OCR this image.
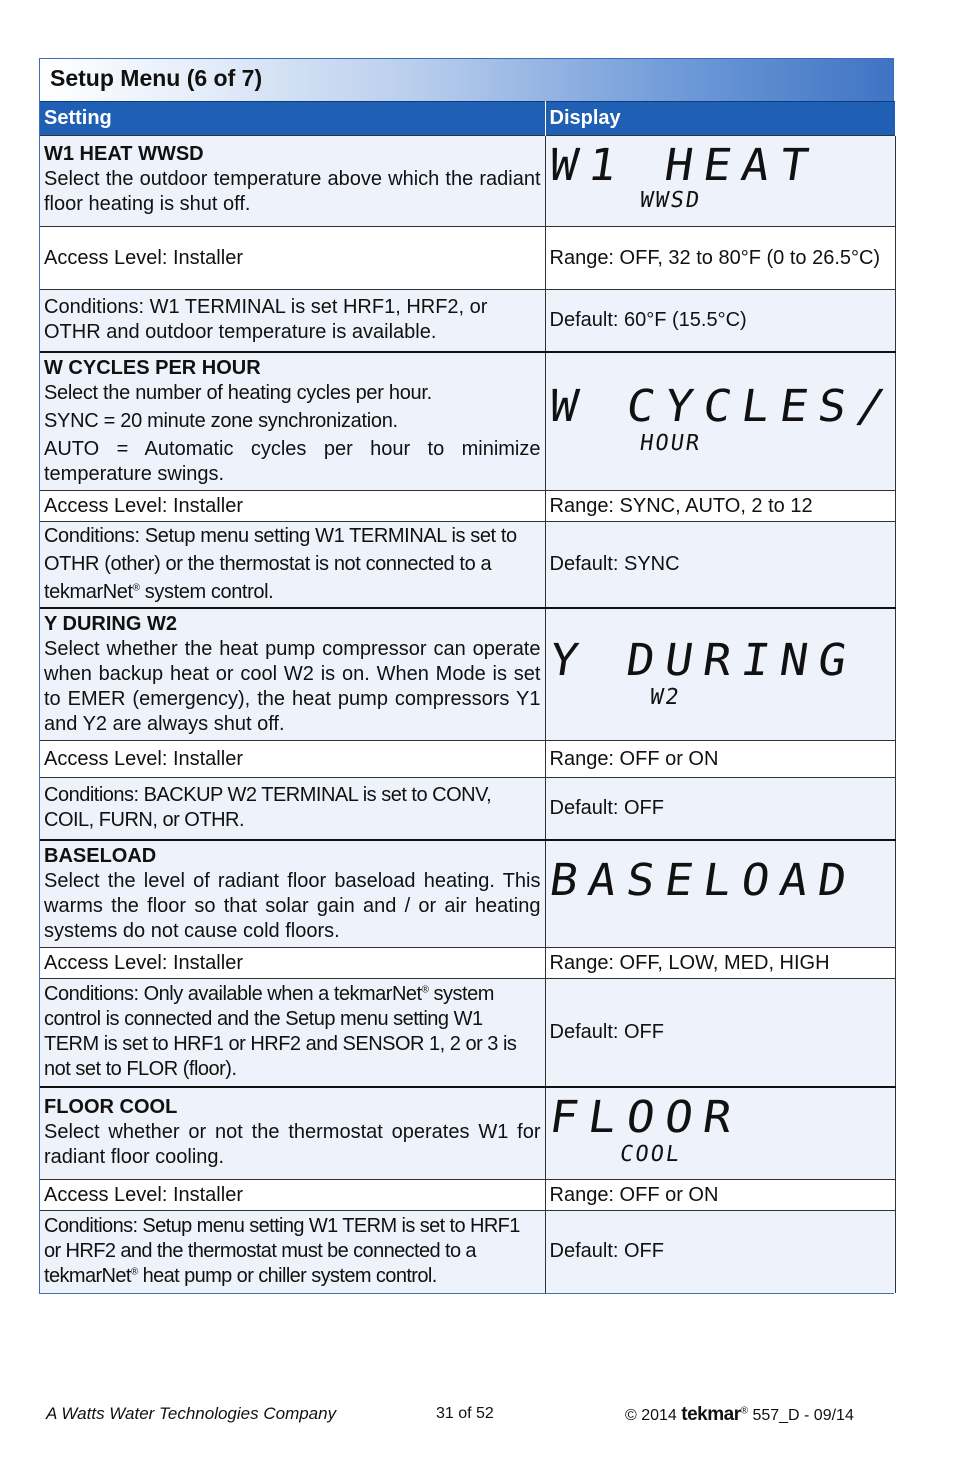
Setup Menu (6 of 7)
Setting	Display

W1 HEAT WWSD
Select the outdoor temperature above which the radiant floor heating is shut off.	W1 HEAT
WWSD

Access Level: Installer	Range: OFF, 32 to 80°F (0 to 26.5°C)
Conditions: W1 TERMINAL is set HRF1, HRF2, or OTHR and outdoor temperature is available.	Default: 60°F (15.5°C)

W CYCLES PER HOUR
Select the number of heating cycles per hour.
SYNC = 20 minute zone synchronization.
AUTO = Automatic cycles per hour to minimize temperature swings.	W CYCLES/
HOUR

Access Level: Installer	Range: SYNC, AUTO, 2 to 12
Conditions: Setup menu setting W1 TERMINAL is set to OTHR (other) or the thermostat is not connected to a tekmarNet® system control.	Default: SYNC

Y DURING W2
Select whether the heat pump compressor can operate when backup heat or cool W2 is on. When Mode is set to EMER (emergency), the heat pump compressors Y1 and Y2 are always shut off.	Y DURING
W2

Access Level: Installer	Range: OFF or ON
Conditions: BACKUP W2 TERMINAL is set to CONV, COIL, FURN, or OTHR.	Default: OFF

BASELOAD
Select the level of radiant floor baseload heating. This warms the floor so that solar gain and / or air heating systems do not cause cold floors.	BASELOAD

Access Level: Installer	Range: OFF, LOW, MED, HIGH
Conditions: Only available when a tekmarNet® system control is connected and the Setup menu setting W1 TERM is set to HRF1 or HRF2 and SENSOR 1, 2 or 3 is not set to FLOR (floor).	Default: OFF

FLOOR COOL
Select whether or not the thermostat operates W1 for radiant floor cooling.	FLOOR
COOL

Access Level: Installer	Range: OFF or ON
Conditions: Setup menu setting W1 TERM is set to HRF1 or HRF2 and the thermostat must be connected to a tekmarNet® heat pump or chiller system control.	Default: OFF
A Watts Water Technologies Company	31 of 52	© 2014 tekmar® 557_D - 09/14
